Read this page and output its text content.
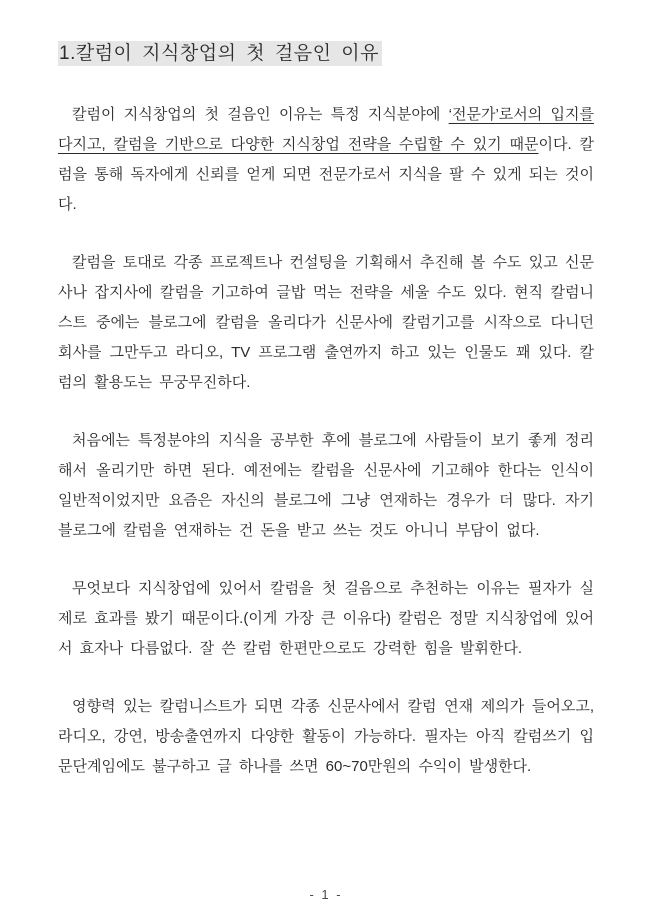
1.칼럼이 지식창업의 첫 걸음인 이유

칼럼이 지식창업의 첫 걸음인 이유는 특정 지식분야에 ‘전문가’로서의 입지를 다지고, 칼럼을 기반으로 다양한 지식창업 전략을 수립할 수 있기 때문이다. 칼럼을 통해 독자에게 신뢰를 얻게 되면 전문가로서 지식을 팔 수 있게 되는 것이다.

칼럼을 토대로 각종 프로젝트나 컨설팅을 기획해서 추진해 볼 수도 있고 신문사나 잡지사에 칼럼을 기고하여 글밥 먹는 전략을 세울 수도 있다. 현직 칼럼니스트 중에는 블로그에 칼럼을 올리다가 신문사에 칼럼기고를 시작으로 다니던 회사를 그만두고 라디오, TV 프로그램 출연까지 하고 있는 인물도 꽤 있다. 칼럼의 활용도는 무궁무진하다.

처음에는 특정분야의 지식을 공부한 후에 블로그에 사람들이 보기 좋게 정리해서 올리기만 하면 된다. 예전에는 칼럼을 신문사에 기고해야 한다는 인식이 일반적이었지만 요즘은 자신의 블로그에 그냥 연재하는 경우가 더 많다. 자기 블로그에 칼럼을 연재하는 건 돈을 받고 쓰는 것도 아니니 부담이 없다.

무엇보다 지식창업에 있어서 칼럼을 첫 걸음으로 추천하는 이유는 필자가 실제로 효과를 봤기 때문이다.(이게 가장 큰 이유다) 칼럼은 정말 지식창업에 있어서 효자나 다름없다. 잘 쓴 칼럼 한편만으로도 강력한 힘을 발휘한다.

영향력 있는 칼럼니스트가 되면 각종 신문사에서 칼럼 연재 제의가 들어오고, 라디오, 강연, 방송출연까지 다양한 활동이 가능하다. 필자는 아직 칼럼쓰기 입문단계임에도 불구하고 글 하나를 쓰면 60~70만원의 수익이 발생한다.

- 1 -
